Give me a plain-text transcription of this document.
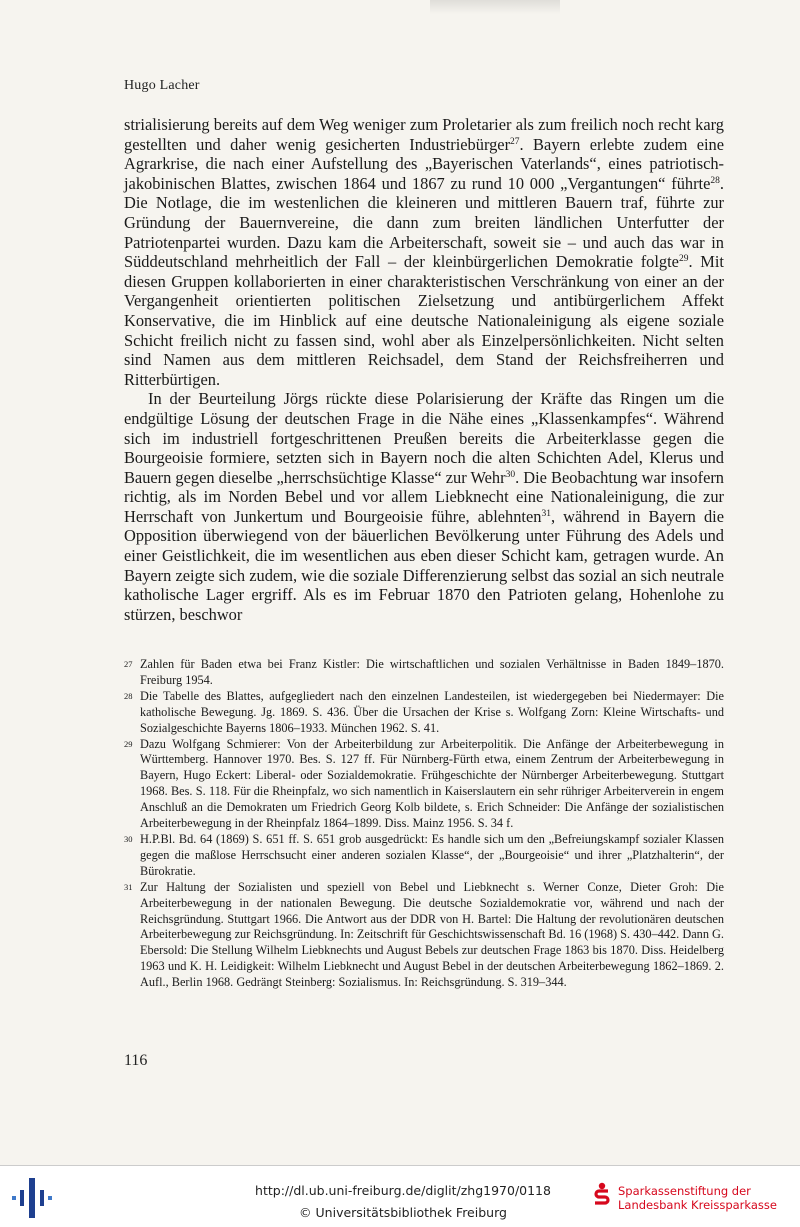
Hugo Lacher

strialisierung bereits auf dem Weg weniger zum Proletarier als zum freilich noch recht karg gestellten und daher wenig gesicherten Industriebürger$^{27}$. Bayern erlebte zudem eine Agrarkrise, die nach einer Aufstellung des „Bayerischen Vaterlands“, eines patriotisch-jakobinischen Blattes, zwischen 1864 und 1867 zu rund 10 000 „Vergantungen“ führte$^{28}$. Die Notlage, die im westenlichen die kleineren und mittleren Bauern traf, führte zur Gründung der Bauernvereine, die dann zum breiten ländlichen Unterfutter der Patriotenpartei wurden. Dazu kam die Arbeiterschaft, soweit sie – und auch das war in Süddeutschland mehrheitlich der Fall – der kleinbürgerlichen Demokratie folgte$^{29}$. Mit diesen Gruppen kollaborierten in einer charakteristischen Verschränkung von einer an der Vergangenheit orientierten politischen Zielsetzung und antibürgerlichem Affekt Konservative, die im Hinblick auf eine deutsche Nationaleinigung als eigene soziale Schicht freilich nicht zu fassen sind, wohl aber als Einzelpersönlichkeiten. Nicht selten sind Namen aus dem mittleren Reichsadel, dem Stand der Reichsfreiherren und Ritterbürtigen.

In der Beurteilung Jörgs rückte diese Polarisierung der Kräfte das Ringen um die endgültige Lösung der deutschen Frage in die Nähe eines „Klassenkampfes“. Während sich im industriell fortgeschrittenen Preußen bereits die Arbeiterklasse gegen die Bourgeoisie formiere, setzten sich in Bayern noch die alten Schichten Adel, Klerus und Bauern gegen dieselbe „herrschsüchtige Klasse“ zur Wehr$^{30}$. Die Beobachtung war insofern richtig, als im Norden Bebel und vor allem Liebknecht eine Nationaleinigung, die zur Herrschaft von Junkertum und Bourgeoisie führe, ablehnten$^{31}$, während in Bayern die Opposition überwiegend von der bäuerlichen Bevölkerung unter Führung des Adels und einer Geistlichkeit, die im wesentlichen aus eben dieser Schicht kam, getragen wurde. An Bayern zeigte sich zudem, wie die soziale Differenzierung selbst das sozial an sich neutrale katholische Lager ergriff. Als es im Februar 1870 den Patrioten gelang, Hohenlohe zu stürzen, beschwor

27 Zahlen für Baden etwa bei Franz Kistler: Die wirtschaftlichen und sozialen Verhältnisse in Baden 1849–1870. Freiburg 1954.
28 Die Tabelle des Blattes, aufgegliedert nach den einzelnen Landesteilen, ist wiedergegeben bei Niedermayer: Die katholische Bewegung. Jg. 1869. S. 436. Über die Ursachen der Krise s. Wolfgang Zorn: Kleine Wirtschafts- und Sozialgeschichte Bayerns 1806–1933. München 1962. S. 41.
29 Dazu Wolfgang Schmierer: Von der Arbeiterbildung zur Arbeiterpolitik. Die Anfänge der Arbeiterbewegung in Württemberg. Hannover 1970. Bes. S. 127 ff. Für Nürnberg-Fürth etwa, einem Zentrum der Arbeiterbewegung in Bayern, Hugo Eckert: Liberal- oder Sozialdemokratie. Frühgeschichte der Nürnberger Arbeiterbewegung. Stuttgart 1968. Bes. S. 118. Für die Rheinpfalz, wo sich namentlich in Kaiserslautern ein sehr rühriger Arbeiterverein in engem Anschluß an die Demokraten um Friedrich Georg Kolb bildete, s. Erich Schneider: Die Anfänge der sozialistischen Arbeiterbewegung in der Rheinpfalz 1864–1899. Diss. Mainz 1956. S. 34 f.
30 H.P.Bl. Bd. 64 (1869) S. 651 ff. S. 651 grob ausgedrückt: Es handle sich um den „Befreiungskampf sozialer Klassen gegen die maßlose Herrschsucht einer anderen sozialen Klasse“, der „Bourgeoisie“ und ihrer „Platzhalterin“, der Bürokratie.
31 Zur Haltung der Sozialisten und speziell von Bebel und Liebknecht s. Werner Conze, Dieter Groh: Die Arbeiterbewegung in der nationalen Bewegung. Die deutsche Sozialdemokratie vor, während und nach der Reichsgründung. Stuttgart 1966. Die Antwort aus der DDR von H. Bartel: Die Haltung der revolutionären deutschen Arbeiterbewegung zur Reichsgründung. In: Zeitschrift für Geschichtswissenschaft Bd. 16 (1968) S. 430–442. Dann G. Ebersold: Die Stellung Wilhelm Liebknechts und August Bebels zur deutschen Frage 1863 bis 1870. Diss. Heidelberg 1963 und K. H. Leidigkeit: Wilhelm Liebknecht und August Bebel in der deutschen Arbeiterbewegung 1862–1869. 2. Aufl., Berlin 1968. Gedrängt Steinberg: Sozialismus. In: Reichsgründung. S. 319–344.
116
http://dl.ub.uni-freiburg.de/diglit/zhg1970/0118
© Universitätsbibliothek Freiburg
Sparkassenstiftung der
Landesbank Kreissparkasse
